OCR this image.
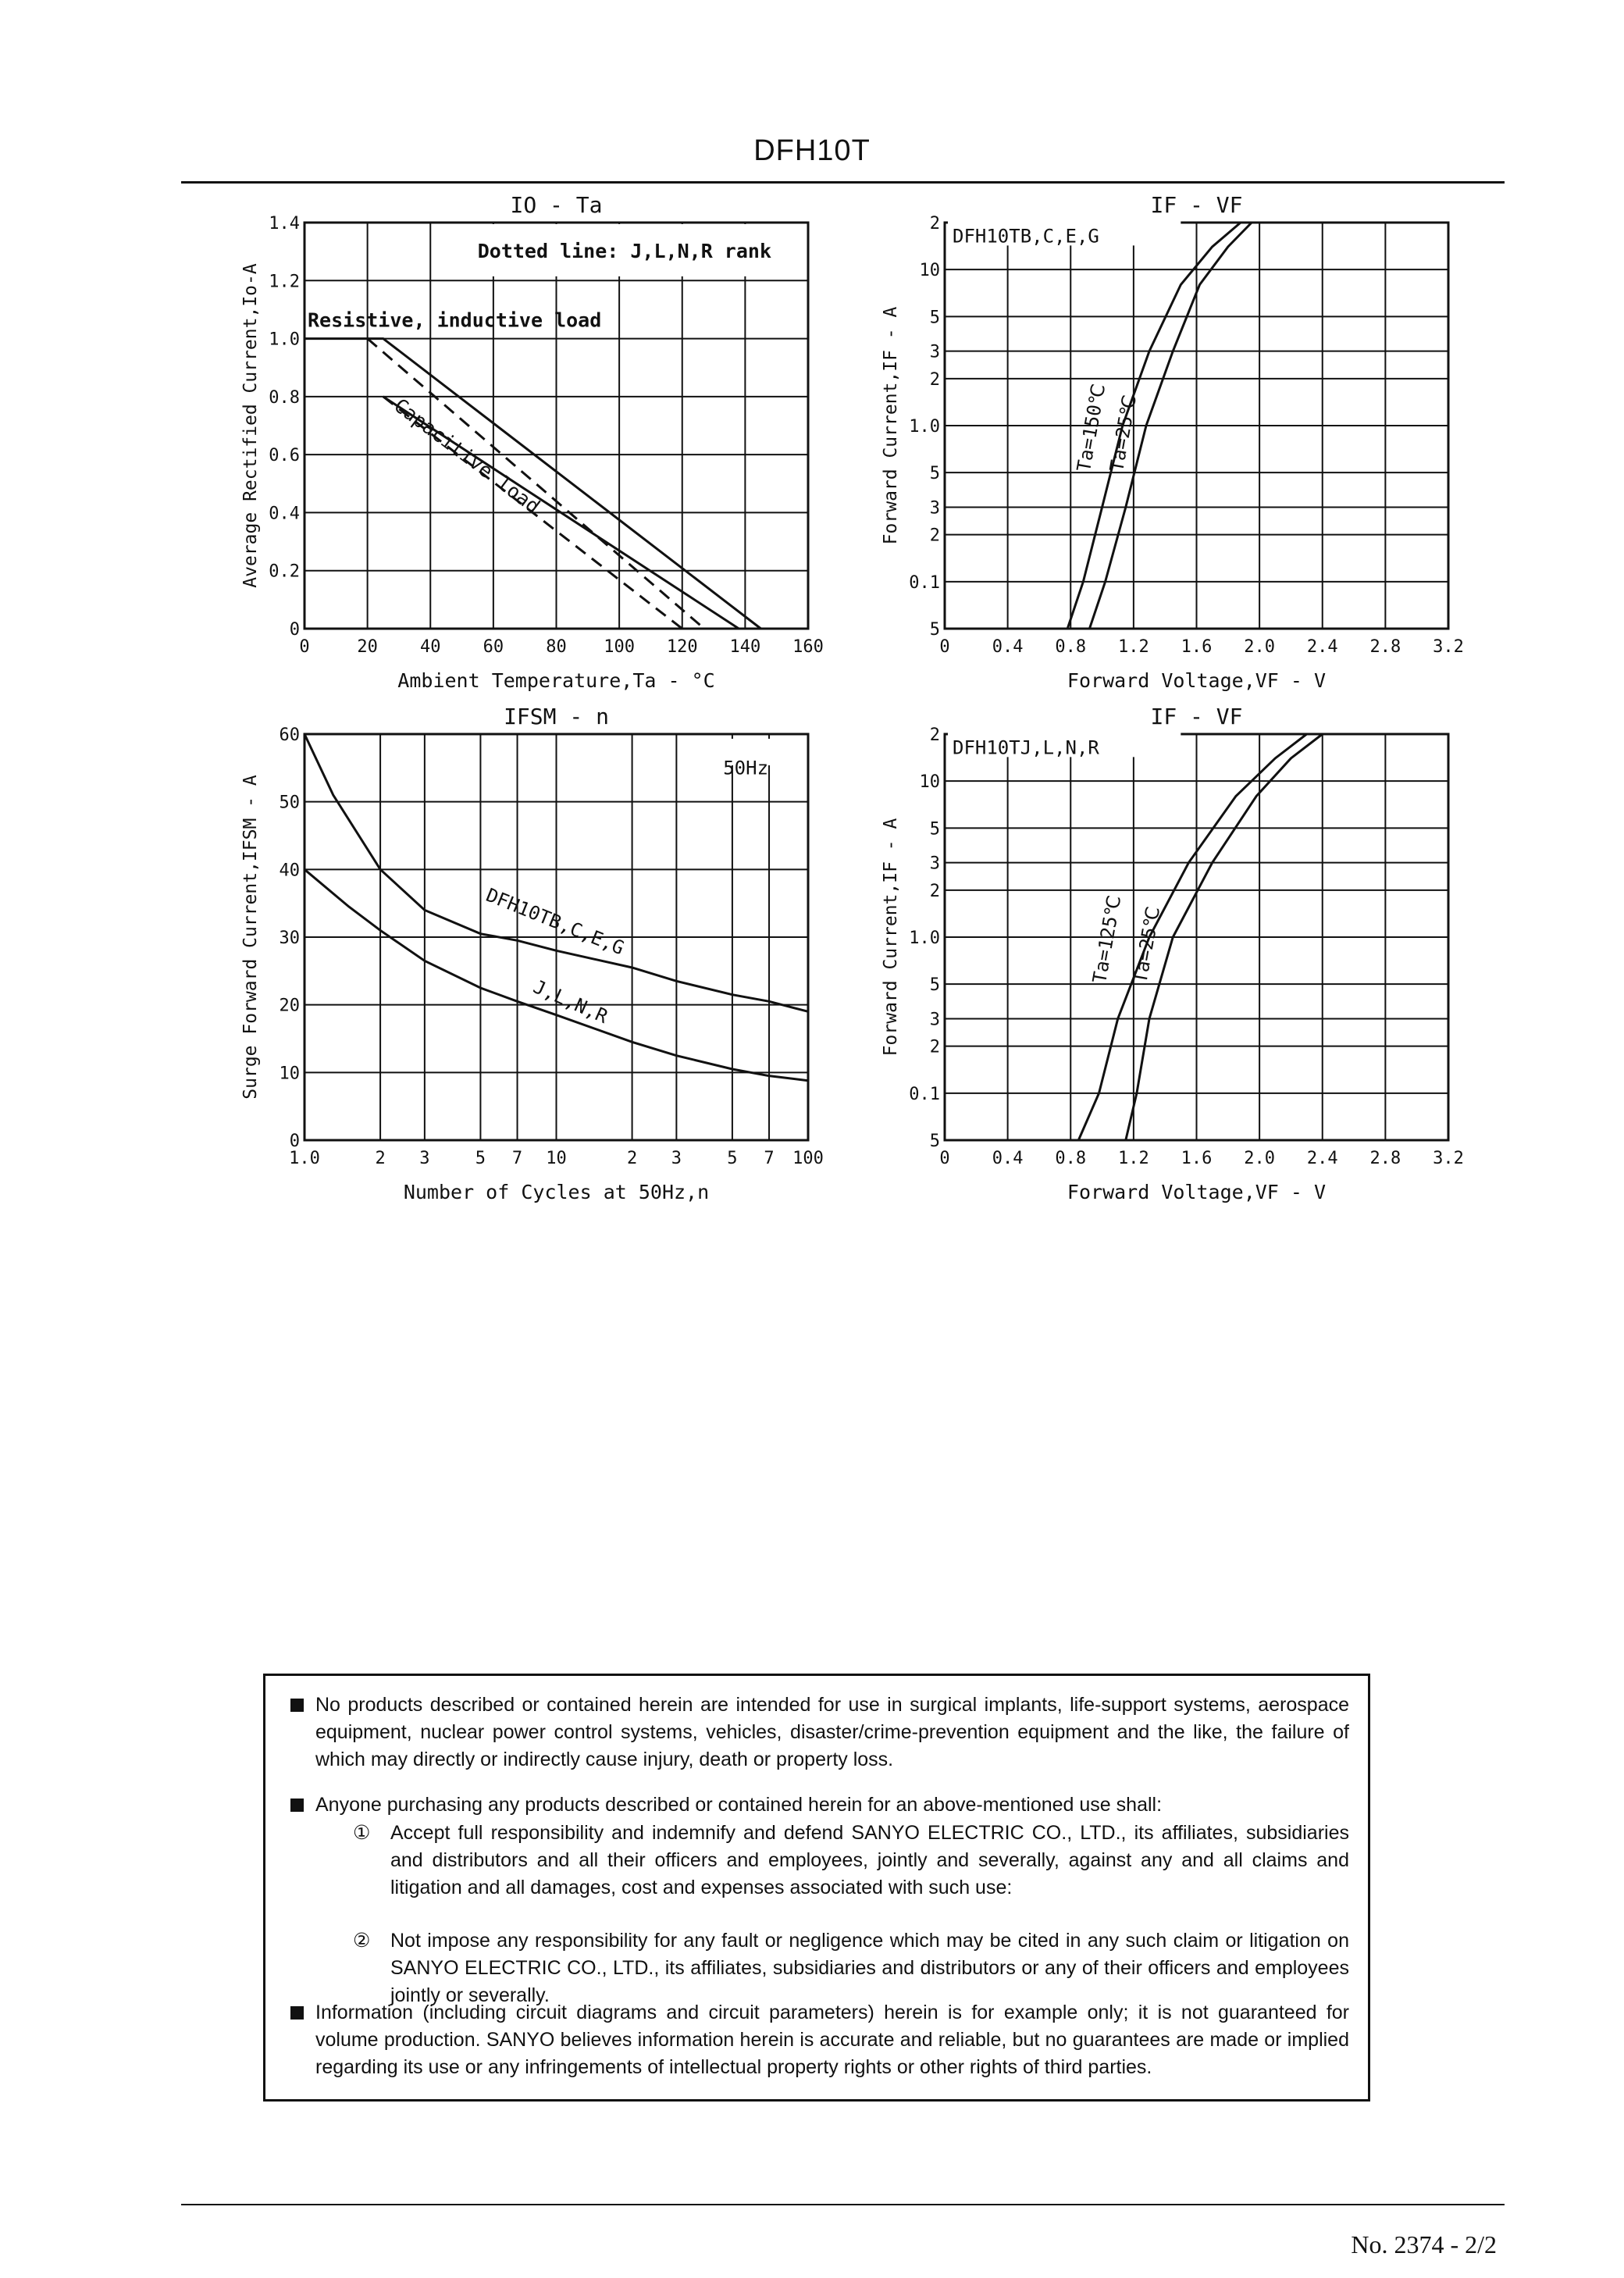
DFH10T
IO - Ta
Ambient Temperature,Ta - °C
Average Rectified Current,Io-A
0	20 40 60 80 100 120 140 160
0
0.2
0.4
0.6
0.8
1.0
1.2
1.4
Dotted line: J,L,N,R rank
Resistive, inductive load
Capacitive load
IF - VF
Forward Voltage,VF - V
Forward Current,IF - A
0 0.4 0.8 1.2 1.6 2.0 2.4 2.8 3.2
5
0.1
2
3
5
1.0
2
3
5
10
2
DFH10TB,C,E,G
Ta=150℃
Ta=25℃
IFSM - n
Number of Cycles at 50Hz,n
Surge Forward Current,IFSM - A
1.0	2 3	5 7 10	2 3	5 7 100
0
10
20
30
40
50
60
DFH10TB,C,E,G
J,L,N,R
50Hz
IF - VF
Forward Voltage,VF - V
Forward Current,IF - A
0 0.4 0.8 1.2 1.6 2.0 2.4 2.8 3.2
5
0.1
2
3
5
1.0
2
3
5
10
2
DFH10TJ,L,N,R
Ta=125℃ Ta=25℃
No products described or contained herein are intended for use in surgical implants, life-support systems, aerospace equipment, nuclear power control systems, vehicles, disaster/crime-prevention equipment and the like, the failure of which may directly or indirectly cause injury, death or property loss.
Anyone purchasing any products described or contained herein for an above-mentioned use shall:
① Accept full responsibility and indemnify and defend SANYO ELECTRIC CO., LTD., its affiliates, subsidiaries and distributors and all their officers and employees, jointly and severally, against any and all claims and litigation and all damages, cost and expenses associated with such use:
② Not impose any responsibility for any fault or negligence which may be cited in any such claim or litigation on SANYO ELECTRIC CO., LTD., its affiliates, subsidiaries and distributors or any of their officers and employees jointly or severally.
Information (including circuit diagrams and circuit parameters) herein is for example only; it is not guaranteed for volume production. SANYO believes information herein is accurate and reliable, but no guarantees are made or implied regarding its use or any infringements of intellectual property rights or other rights of third parties.
No. 2374 - 2/2
